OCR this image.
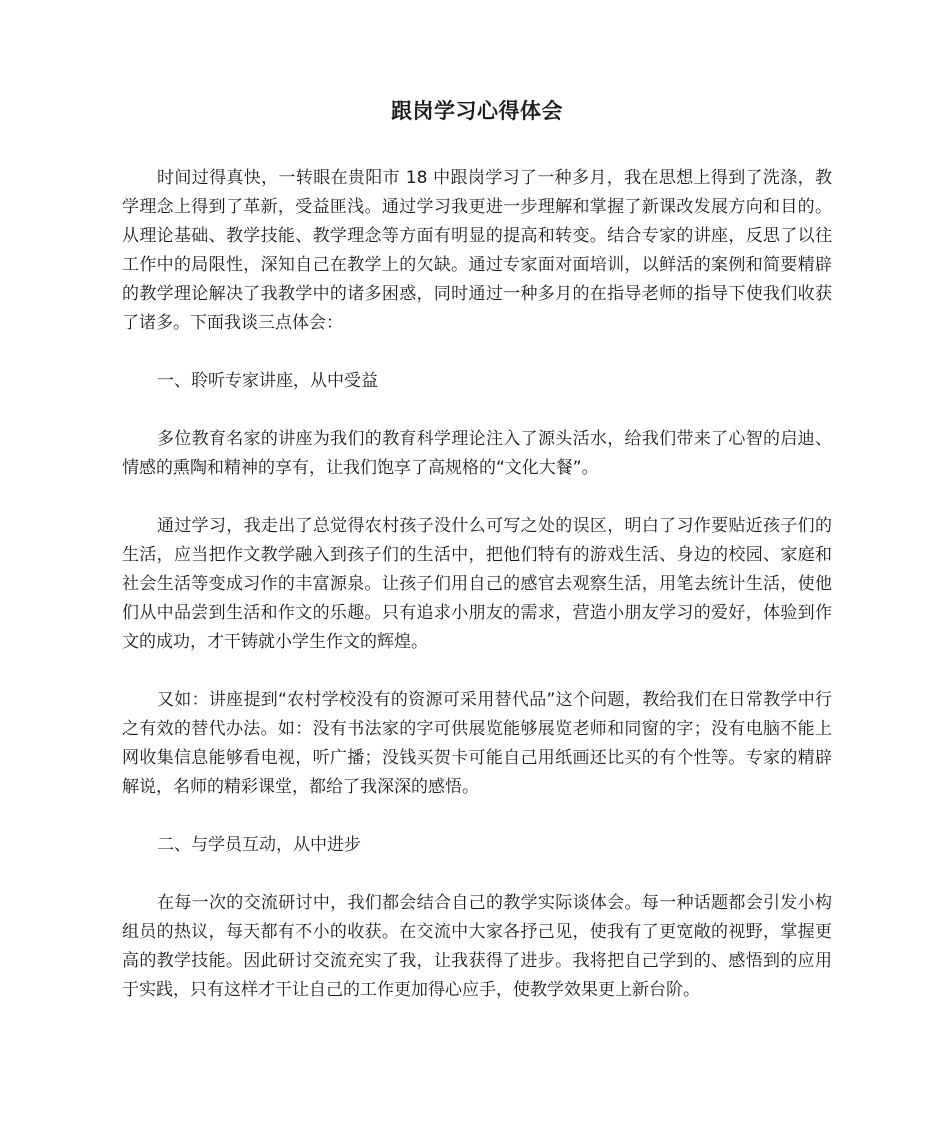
跟岗学习心得体会

时间过得真快，一转眼在贵阳市 18 中跟岗学习了一种多月，我在思想上得到了洗涤，教学理念上得到了革新，受益匪浅。通过学习我更进一步理解和掌握了新课改发展方向和目的。从理论基础、教学技能、教学理念等方面有明显的提高和转变。结合专家的讲座，反思了以往工作中的局限性，深知自己在教学上的欠缺。通过专家面对面培训，以鲜活的案例和简要精辟的教学理论解决了我教学中的诸多困惑，同时通过一种多月的在指导老师的指导下使我们收获了诸多。下面我谈三点体会：

一、聆听专家讲座，从中受益

多位教育名家的讲座为我们的教育科学理论注入了源头活水，给我们带来了心智的启迪、情感的熏陶和精神的享有，让我们饱享了高规格的“文化大餐”。

通过学习，我走出了总觉得农村孩子没什么可写之处的误区，明白了习作要贴近孩子们的生活，应当把作文教学融入到孩子们的生活中，把他们特有的游戏生活、身边的校园、家庭和社会生活等变成习作的丰富源泉。让孩子们用自己的感官去观察生活，用笔去统计生活，使他们从中品尝到生活和作文的乐趣。只有追求小朋友的需求，营造小朋友学习的爱好，体验到作文的成功，才干铸就小学生作文的辉煌。

又如：讲座提到“农村学校没有的资源可采用替代品”这个问题，教给我们在日常教学中行之有效的替代办法。如：没有书法家的字可供展览能够展览老师和同窗的字；没有电脑不能上网收集信息能够看电视，听广播；没钱买贺卡可能自己用纸画还比买的有个性等。专家的精辟解说，名师的精彩课堂，都给了我深深的感悟。

二、与学员互动，从中进步

在每一次的交流研讨中，我们都会结合自己的教学实际谈体会。每一种话题都会引发小构组员的热议，每天都有不小的收获。在交流中大家各抒己见，使我有了更宽敞的视野，掌握更高的教学技能。因此研讨交流充实了我，让我获得了进步。我将把自己学到的、感悟到的应用于实践，只有这样才干让自己的工作更加得心应手，使教学效果更上新台阶。
